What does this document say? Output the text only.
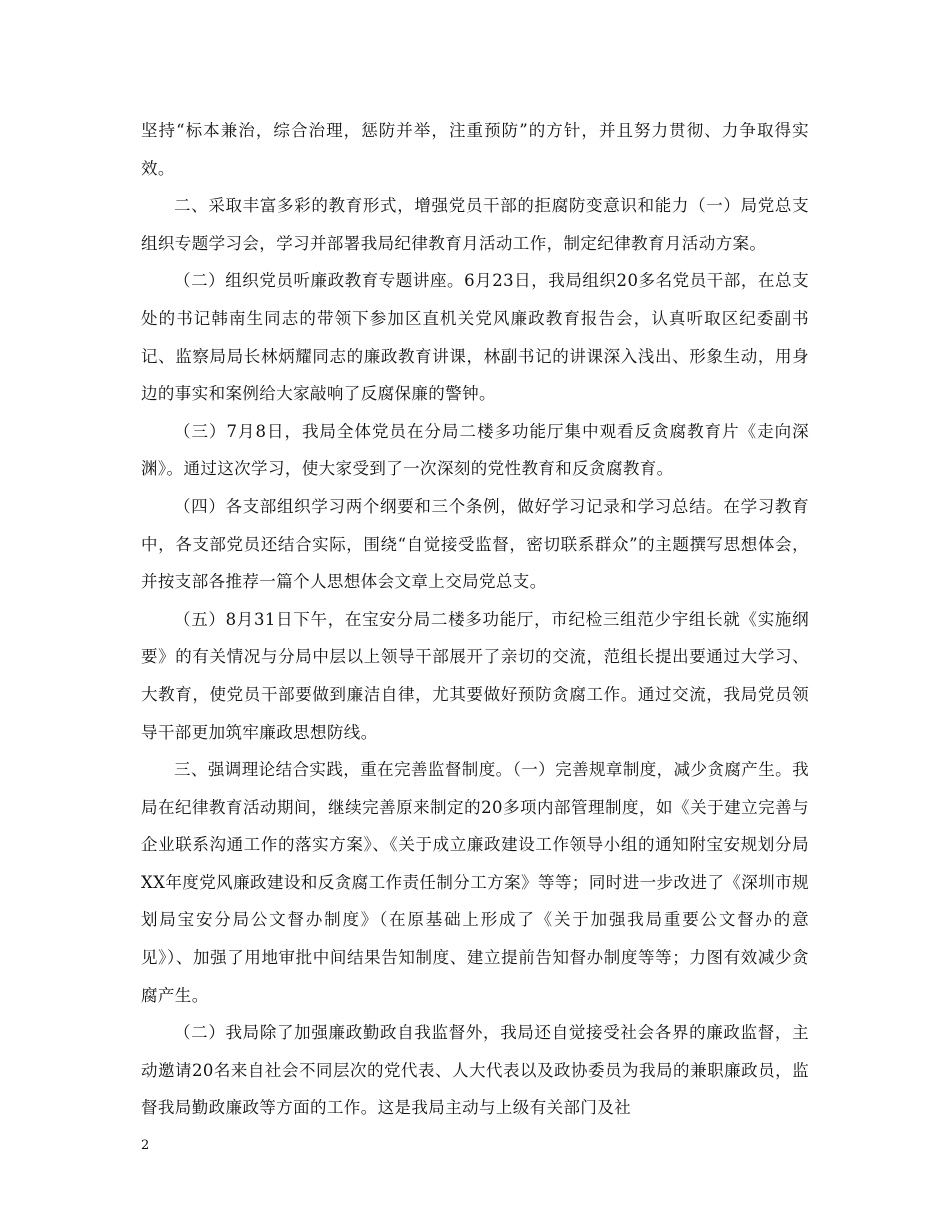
坚持“标本兼治，综合治理，惩防并举，注重预防”的方针，并且努力贯彻、力争取得实效。

二、采取丰富多彩的教育形式，增强党员干部的拒腐防变意识和能力（一）局党总支组织专题学习会，学习并部署我局纪律教育月活动工作，制定纪律教育月活动方案。

（二）组织党员听廉政教育专题讲座。6月23日，我局组织20多名党员干部，在总支处的书记韩南生同志的带领下参加区直机关党风廉政教育报告会，认真听取区纪委副书记、监察局局长林炳耀同志的廉政教育讲课，林副书记的讲课深入浅出、形象生动，用身边的事实和案例给大家敲响了反腐保廉的警钟。

（三）7月8日，我局全体党员在分局二楼多功能厅集中观看反贪腐教育片《走向深渊》。通过这次学习，使大家受到了一次深刻的党性教育和反贪腐教育。

（四）各支部组织学习两个纲要和三个条例，做好学习记录和学习总结。在学习教育中，各支部党员还结合实际，围绕“自觉接受监督，密切联系群众”的主题撰写思想体会，并按支部各推荐一篇个人思想体会文章上交局党总支。

（五）8月31日下午，在宝安分局二楼多功能厅，市纪检三组范少宇组长就《实施纲要》的有关情况与分局中层以上领导干部展开了亲切的交流，范组长提出要通过大学习、大教育，使党员干部要做到廉洁自律，尤其要做好预防贪腐工作。通过交流，我局党员领导干部更加筑牢廉政思想防线。

三、强调理论结合实践，重在完善监督制度。（一）完善规章制度，减少贪腐产生。我局在纪律教育活动期间，继续完善原来制定的20多项内部管理制度，如《关于建立完善与企业联系沟通工作的落实方案》、《关于成立廉政建设工作领导小组的通知附宝安规划分局XX年度党风廉政建设和反贪腐工作责任制分工方案》等等；同时进一步改进了《深圳市规划局宝安分局公文督办制度》（在原基础上形成了《关于加强我局重要公文督办的意见》）、加强了用地审批中间结果告知制度、建立提前告知督办制度等等；力图有效减少贪腐产生。

（二）我局除了加强廉政勤政自我监督外，我局还自觉接受社会各界的廉政监督，主动邀请20名来自社会不同层次的党代表、人大代表以及政协委员为我局的兼职廉政员，监督我局勤政廉政等方面的工作。这是我局主动与上级有关部门及社

2
